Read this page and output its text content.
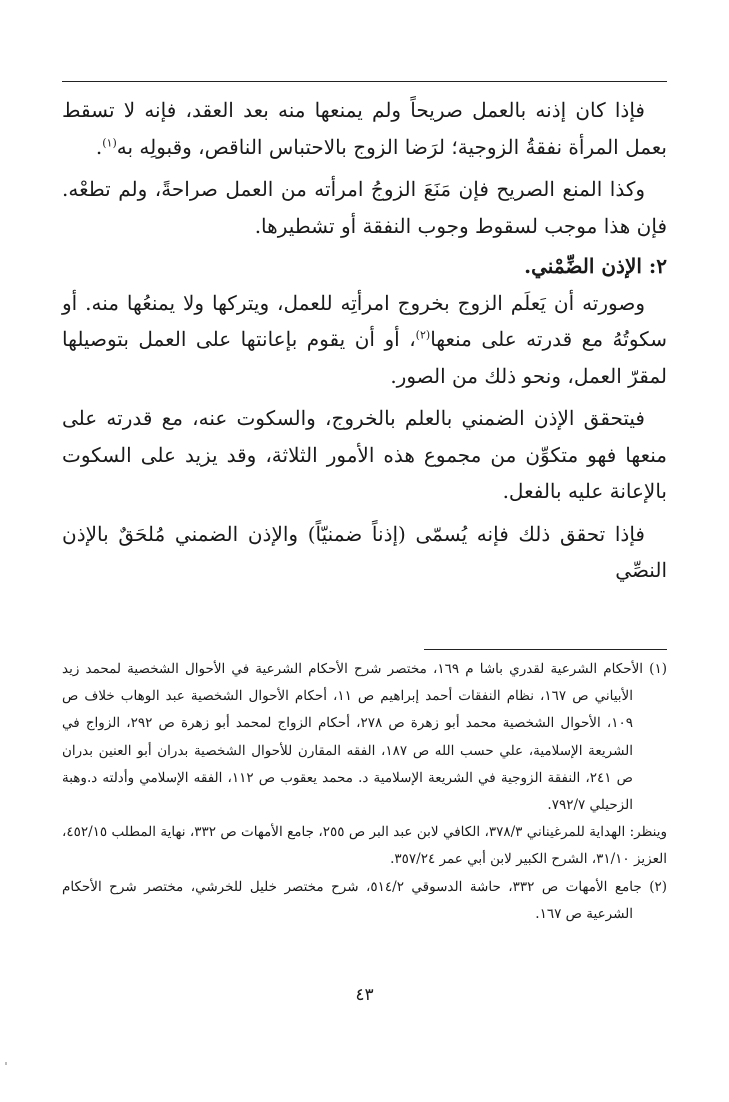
فإذا كان إذنه بالعمل صريحاً ولم يمنعها منه بعد العقد، فإنه لا تسقط بعمل المرأة نفقةُ الزوجية؛ لرَضا الزوج بالاحتباس الناقص، وقبولِه به$^{(١)}$.

وكذا المنع الصريح فإن مَنَعَ الزوجُ امرأته من العمل صراحةً، ولم تطعْه. فإن هذا موجب لسقوط وجوب النفقة أو تشطيرها.

٢: الإذن الضِّمْني.

وصورته أن يَعلَم الزوج بخروج امرأتِه للعمل، ويتركها ولا يمنعُها منه. أو سكوتُهُ مع قدرته على منعها$^{(٢)}$، أو أن يقوم بإعانتها على العمل بتوصيلها لمقرّ العمل، ونحو ذلك من الصور.

فيتحقق الإذن الضمني بالعلم بالخروج، والسكوت عنه، مع قدرته على منعها فهو متكوِّن من مجموع هذه الأمور الثلاثة، وقد يزيد على السكوت بالإعانة عليه بالفعل.

فإذا تحقق ذلك فإنه يُسمّى (إذناً ضمنيّاً) والإذن الضمني مُلحَقٌ بالإذن النصِّي

(١) الأحكام الشرعية لقدري باشا م ١٦٩، مختصر شرح الأحكام الشرعية في الأحوال الشخصية لمحمد زيد الأبياني ص ١٦٧، نظام النفقات أحمد إبراهيم ص ١١، أحكام الأحوال الشخصية عبد الوهاب خلاف ص ١٠٩، الأحوال الشخصية محمد أبو زهرة ص ٢٧٨، أحكام الزواج لمحمد أبو زهرة ص ٢٩٢، الزواج في الشريعة الإسلامية، علي حسب الله ص ١٨٧، الفقه المقارن للأحوال الشخصية بدران أبو العنين بدران ص ٢٤١، النفقة الزوجية في الشريعة الإسلامية د. محمد يعقوب ص ١١٢، الفقه الإسلامي وأدلته د.وهبة الزحيلي ٧٩٢/٧.

وينظر: الهداية للمرغيناني ٣٧٨/٣، الكافي لابن عبد البر ص ٢٥٥، جامع الأمهات ص ٣٣٢، نهاية المطلب ٤٥٢/١٥، العزيز ٣١/١٠، الشرح الكبير لابن أبي عمر ٣٥٧/٢٤.

(٢) جامع الأمهات ص ٣٣٢، حاشة الدسوقي ٥١٤/٢، شرح مختصر خليل للخرشي، مختصر شرح الأحكام الشرعية ص ١٦٧.

٤٣
